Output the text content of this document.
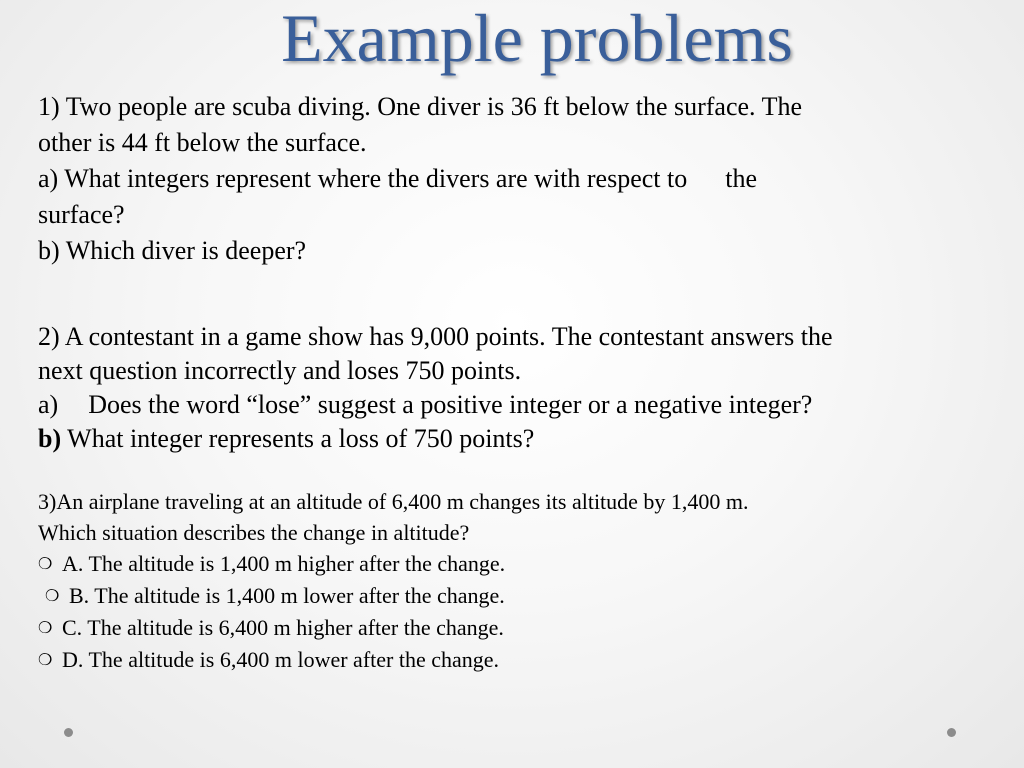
Example problems
1) Two people are scuba diving. One diver is 36 ft below the surface. The
other is 44 ft below the surface.
a) What integers represent where the divers are with respect to the
surface?
b) Which diver is deeper?
2) A contestant in a game show has 9,000 points. The contestant answers the
next question incorrectly and loses 750 points.
a) Does the word “lose” suggest a positive integer or a negative integer?
b) What integer represents a loss of 750 points?
3)An airplane traveling at an altitude of 6,400 m changes its altitude by 1,400 m.
Which situation describes the change in altitude?
❍ A. The altitude is 1,400 m higher after the change.
❍ B. The altitude is 1,400 m lower after the change.
❍ C. The altitude is 6,400 m higher after the change.
❍ D. The altitude is 6,400 m lower after the change.
